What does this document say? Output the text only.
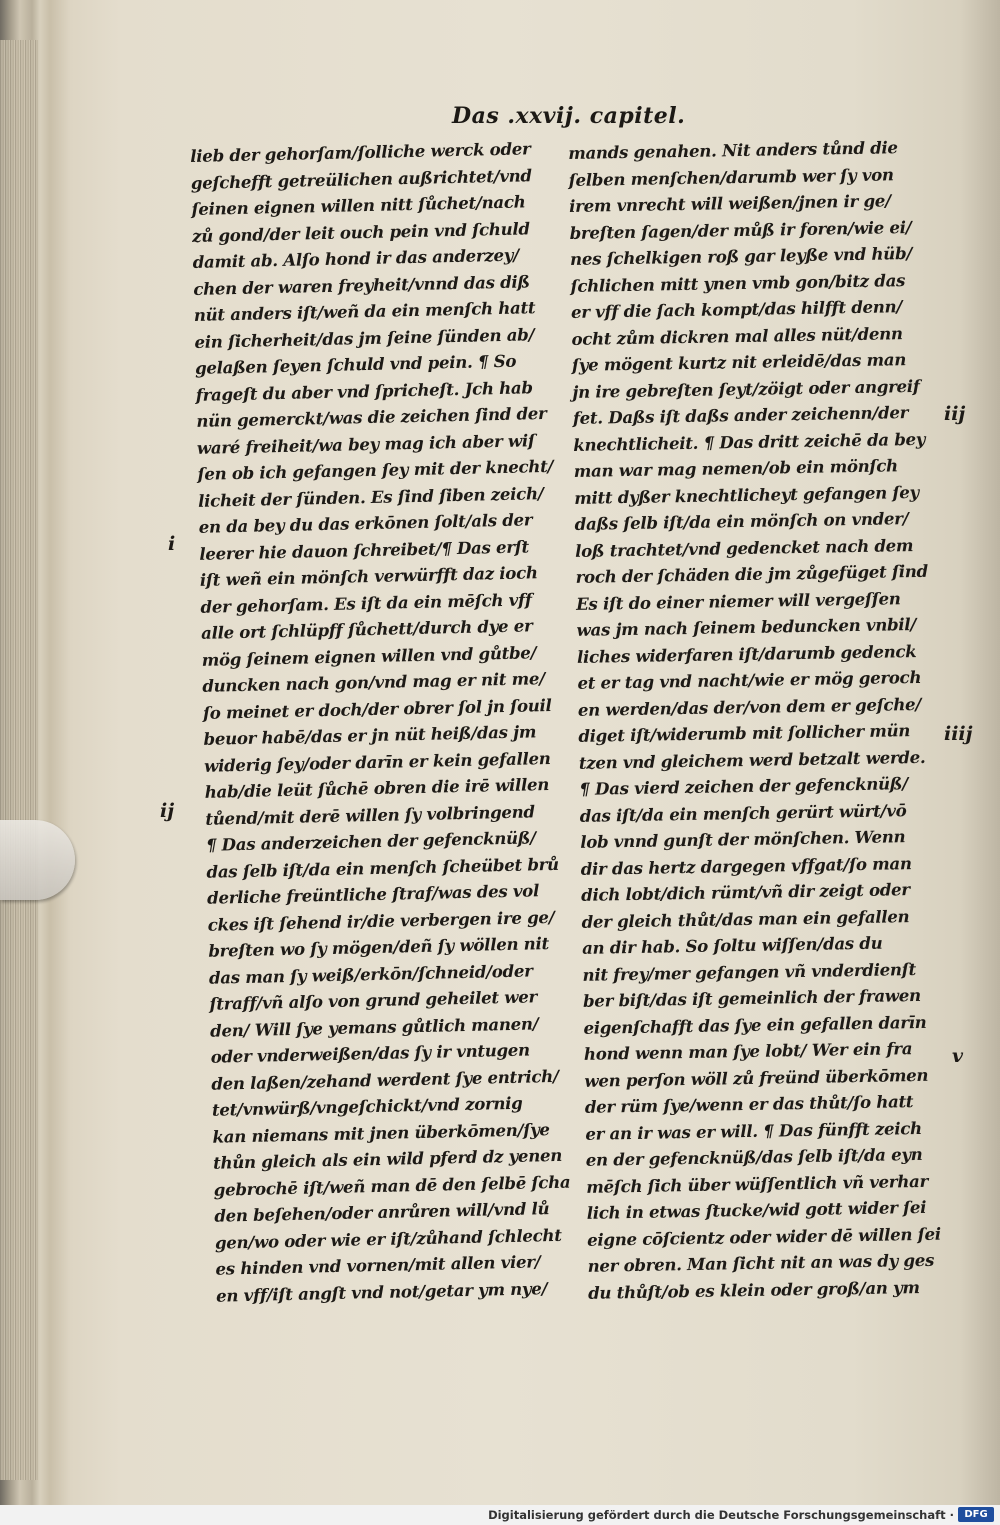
Das .xxvij. capitel.
lieb der gehorſam/ſolliche werck oder
geſchefft getreülichen außrichtet/vnd
ſeinen eignen willen nitt ſůchet/nach
zů gond/der leit ouch pein vnd ſchuld
damit ab. Alſo hond ir das anderzey/
chen der waren freyheit/vnnd das diß
nüt anders iſt/weñ da ein menſch hatt
ein ſicherheit/das jm ſeine ſünden ab/
gelaßen ſeyen ſchuld vnd pein. ¶ So
frageſt du aber vnd ſpricheſt. Jch hab
nün gemerckt/was die zeichen ſind der
waré freiheit/wa bey mag ich aber wiſ
ſen ob ich gefangen ſey mit der knecht/
licheit der ſünden. Es ſind ſiben zeich/
en da bey du das erkōnen ſolt/als der
leerer hie dauon ſchreibet/¶ Das erſt
iſt weñ ein mönſch verwürfft daz ioch
der gehorſam. Es iſt da ein mēſch vff
alle ort ſchlüpff ſůchett/durch dye er
mög ſeinem eignen willen vnd gůtbe/
duncken nach gon/vnd mag er nit me/
ſo meinet er doch/der obrer ſol jn ſouil
beuor habē/das er jn nüt heiß/das jm
widerig ſey/oder darīn er kein gefallen
hab/die leüt ſůchē obren die irē willen
tůend/mit derē willen ſy volbringend
¶ Das anderzeichen der gefencknüß/
das ſelb iſt/da ein menſch ſcheübet brů
derliche freüntliche ſtraf/was des vol
ckes iſt ſehend ir/die verbergen ire ge/
breſten wo ſy mögen/deñ ſy wöllen nit
das man ſy weiß/erkōn/ſchneid/oder
ſtraff/vñ alſo von grund geheilet wer
den/ Will ſye yemans gůtlich manen/
oder vnderweißen/das ſy ir vntugen
den laßen/zehand werdent ſye entrich/
tet/vnwürß/vngeſchickt/vnd zornig
kan niemans mit jnen überkōmen/ſye
thůn gleich als ein wild pferd dz yenen
gebrochē iſt/weñ man dē den ſelbē ſcha
den beſehen/oder anrůren will/vnd lů
gen/wo oder wie er iſt/zůhand ſchlecht
es hinden vnd vornen/mit allen vier/
en vff/iſt angſt vnd not/getar ym nye/
mands genahen. Nit anders tůnd die
ſelben menſchen/darumb wer ſy von
irem vnrecht will weißen/jnen ir ge/
breſten ſagen/der můß ir foren/wie ei/
nes ſchelkigen roß gar leyße vnd hüb/
ſchlichen mitt ynen vmb gon/bitz das
er vff die ſach kompt/das hilfft denn/
ocht zům dickren mal alles nüt/denn
ſye mögent kurtz nit erleidē/das man
jn ire gebreſten ſeyt/zöigt oder angreif
fet. Daßs iſt daßs ander zeichenn/der
knechtlicheit. ¶ Das dritt zeichē da bey
man war mag nemen/ob ein mönſch
mitt dyßer knechtlicheyt gefangen ſey
daßs ſelb iſt/da ein mönſch on vnder/
loß trachtet/vnd gedencket nach dem
roch der ſchäden die jm zůgefüget ſind
Es iſt do einer niemer will vergeſſen
was jm nach ſeinem beduncken vnbil/
liches widerfaren iſt/darumb gedenck
et er tag vnd nacht/wie er mög geroch
en werden/das der/von dem er geſche/
diget iſt/widerumb mit ſollicher mün
tzen vnd gleichem werd betzalt werde.
¶ Das vierd zeichen der gefencknüß/
das iſt/da ein menſch gerürt würt/vō
lob vnnd gunſt der mönſchen. Wenn
dir das hertz dargegen vffgat/ſo man
dich lobt/dich rümt/vñ dir zeigt oder
der gleich thůt/das man ein gefallen
an dir hab. So ſoltu wiſſen/das du
nit frey/mer gefangen vñ vnderdienſt
ber biſt/das iſt gemeinlich der frawen
eigenſchafft das ſye ein gefallen darīn
hond wenn man ſye lobt/ Wer ein fra
wen perſon wöll zů freünd überkōmen
der rüm ſye/wenn er das thůt/ſo hatt
er an ir was er will. ¶ Das fünfft zeich
en der gefencknüß/das ſelb iſt/da eyn
mēſch ſich über wüſſentlich vñ verhar
lich in etwas ſtucke/wid gott wider ſei
eigne cōſcientz oder wider dē willen ſei
ner obren. Man ſicht nit an was dy ges
du thůſt/ob es klein oder groß/an ym
i
ij
iij
iiij
v
Digitalisierung gefördert durch die Deutsche Forschungsgemeinschaft ·	DFG
